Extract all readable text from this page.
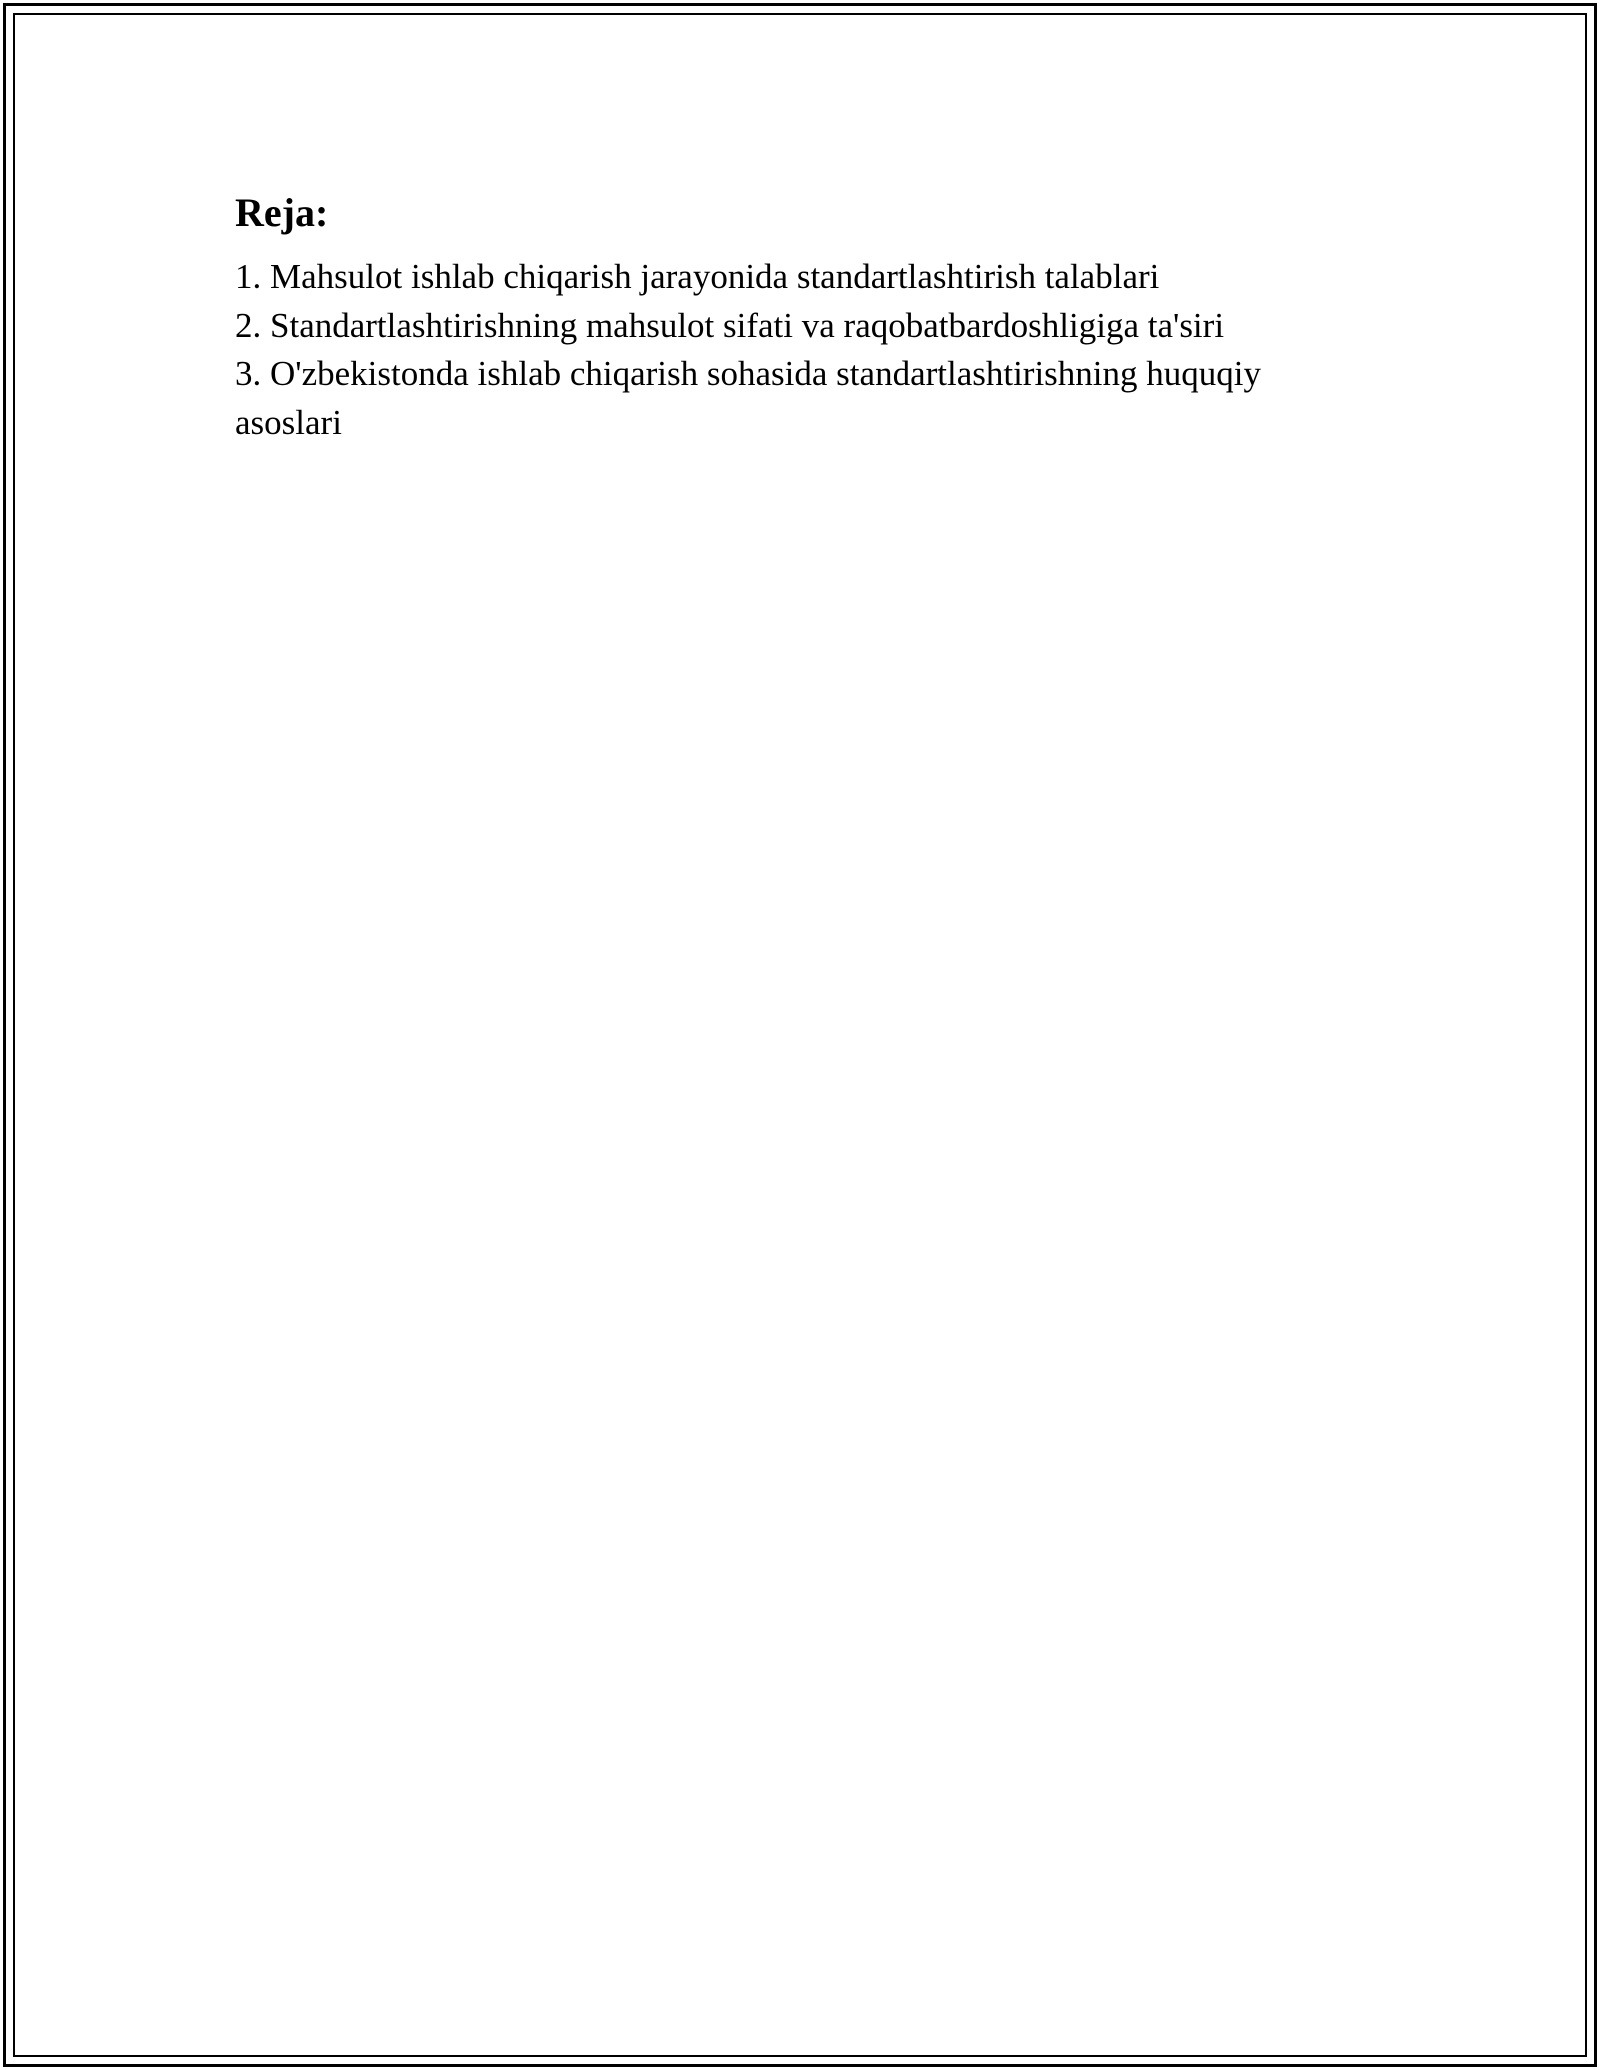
Reja:
1. Mahsulot ishlab chiqarish jarayonida standartlashtirish talablari
2. Standartlashtirishning mahsulot sifati va raqobatbardoshligiga ta'siri
3. O'zbekistonda ishlab chiqarish sohasida standartlashtirishning huquqiy asoslari
